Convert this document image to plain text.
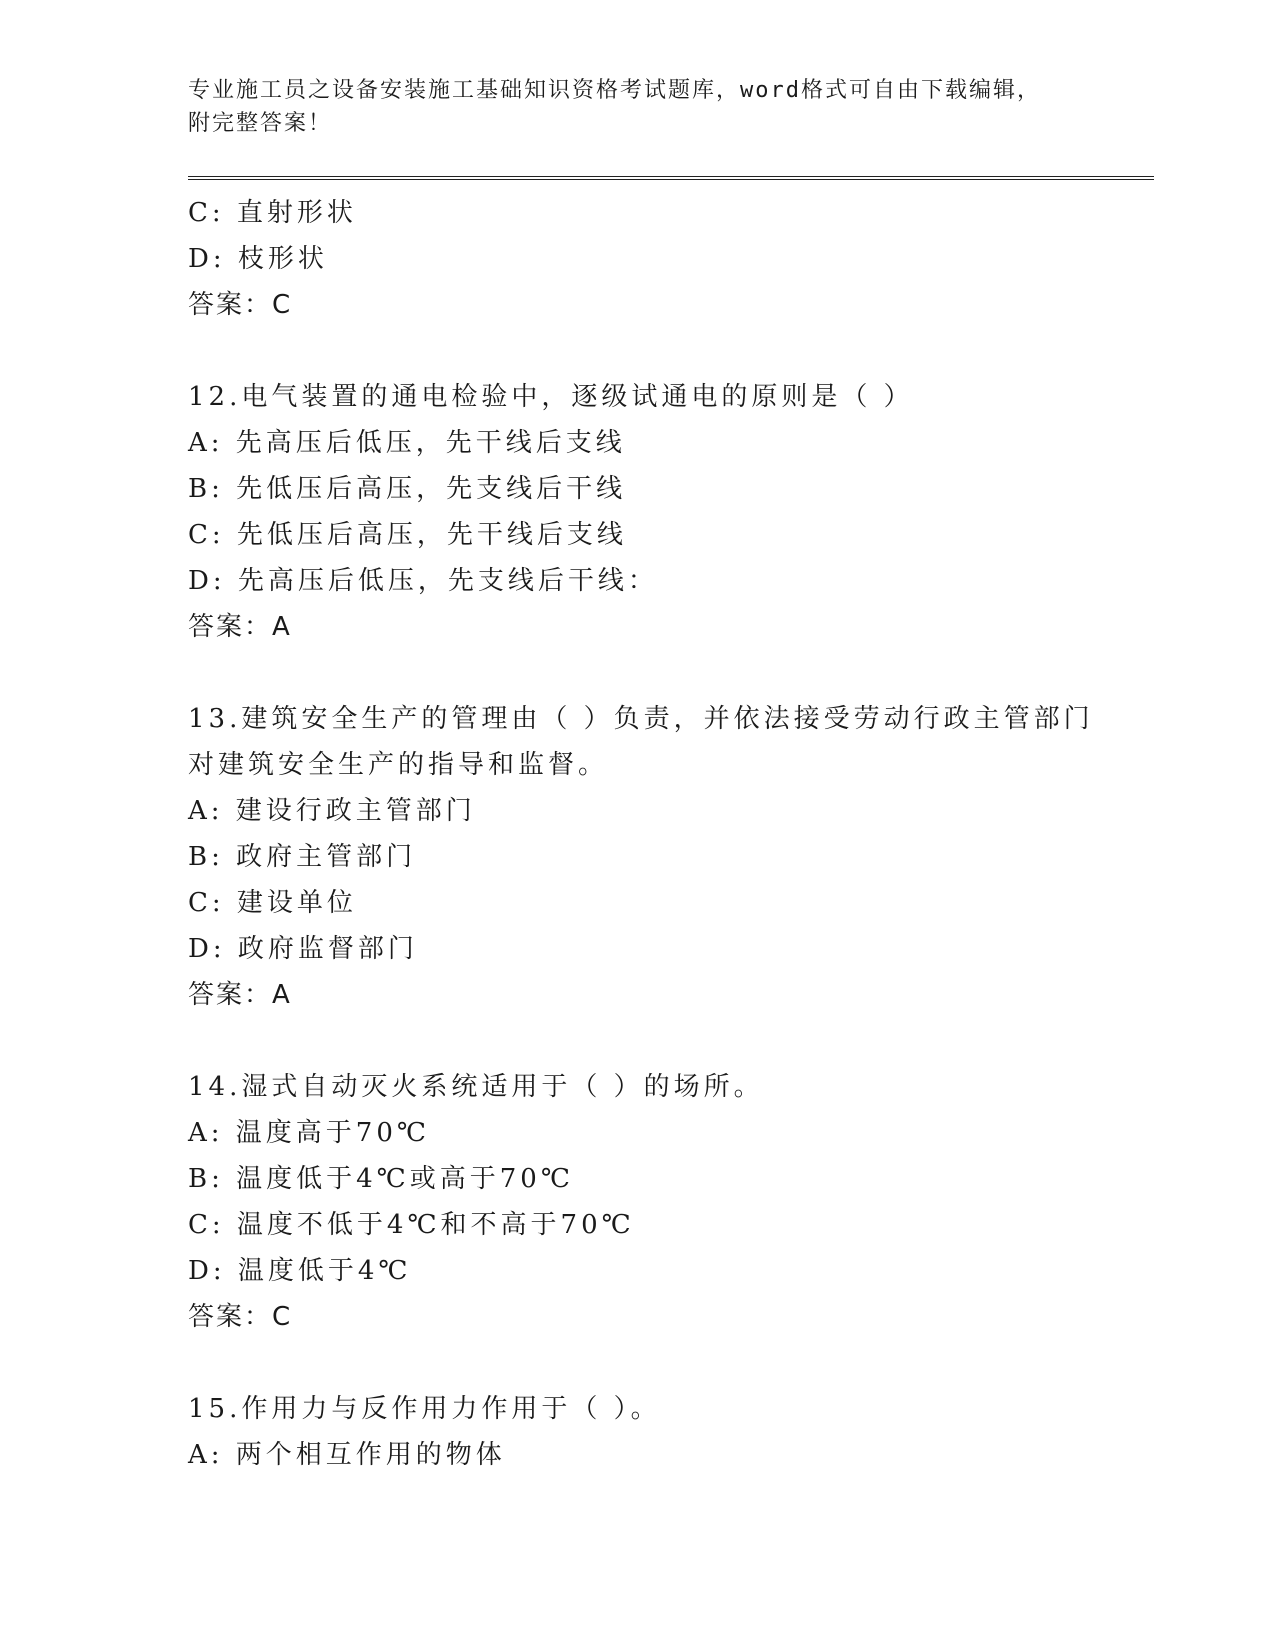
专业施工员之设备安装施工基础知识资格考试题库，word格式可自由下载编辑，
附完整答案！
C: 直射形状
D: 枝形状
答案：C
12.电气装置的通电检验中，逐级试通电的原则是（ ）
A: 先高压后低压，先干线后支线
B: 先低压后高压，先支线后干线
C: 先低压后高压，先干线后支线
D: 先高压后低压，先支线后干线：
答案：A
13.建筑安全生产的管理由（ ）负责，并依法接受劳动行政主管部门
对建筑安全生产的指导和监督。
A: 建设行政主管部门
B: 政府主管部门
C: 建设单位
D: 政府监督部门
答案：A
14.湿式自动灭火系统适用于（ ）的场所。
A: 温度高于70℃
B: 温度低于4℃或高于70℃
C: 温度不低于4℃和不高于70℃
D: 温度低于4℃
答案：C
15.作用力与反作用力作用于（ ）。
A: 两个相互作用的物体
